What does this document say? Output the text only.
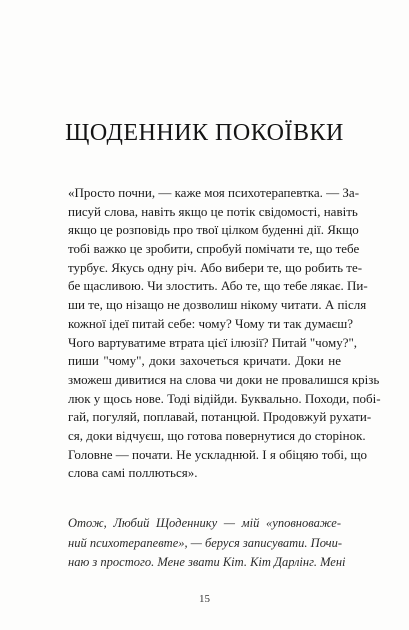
ЩОДЕННИК ПОКОЇВКИ
«Просто почни, — каже моя психотерапевтка. — За-
писуй слова, навіть якщо це потік свідомості, навіть
якщо це розповідь про твої цілком буденні дії. Якщо
тобі важко це зробити, спробуй помічати те, що тебе
турбує. Якусь одну річ. Або вибери те, що робить те-
бе щасливою. Чи злостить. Або те, що тебе лякає. Пи-
ши те, що нізащо не дозволиш нікому читати. А після
кожної ідеї питай себе: чому? Чому ти так думаєш?
Чого вартуватиме втрата цієї ілюзії? Питай "чому?",
пиши "чому", доки захочеться кричати. Доки не
зможеш дивитися на слова чи доки не провалишся крізь
люк у щось нове. Тоді відійди. Буквально. Походи, побі-
гай, погуляй, поплавай, потанцюй. Продовжуй рухати-
ся, доки відчуєш, що готова повернутися до сторінок.
Головне — почати. Не ускладнюй. І я обіцяю тобі, що
слова самі поллються».
Отож, Любий Щоденнику — мій «уповноваже-
ний психотерапевте», — беруся записувати. Почи-
наю з простого. Мене звати Кіт. Кіт Дарлінг. Мені
15
